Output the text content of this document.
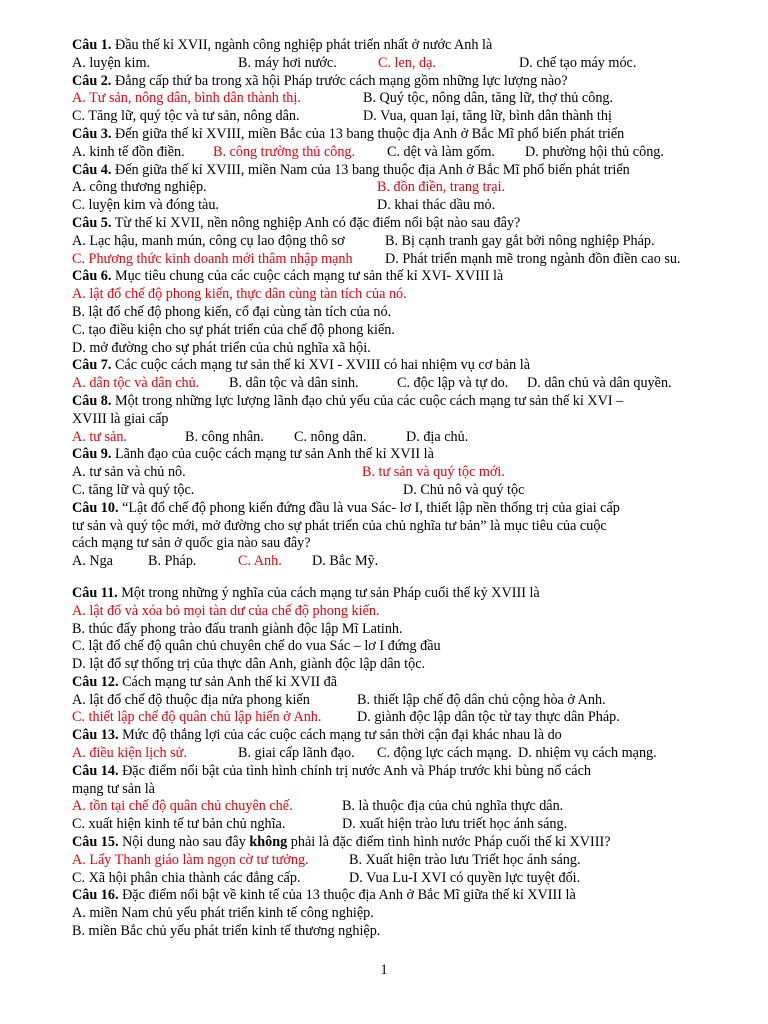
Câu 1. Đầu thế kỉ XVII, ngành công nghiệp phát triển nhất ở nước Anh là
A. luyện kim.	B. máy hơi nước.	C. len, dạ.	D. chế tạo máy móc.
Câu 2. Đẳng cấp thứ ba trong xã hội Pháp trước cách mạng gồm những lực lượng nào?
A. Tư sản, nông dân, bình dân thành thị.	B. Quý tộc, nông dân, tăng lữ, thợ thủ công.
C. Tăng lữ, quý tộc và tư sản, nông dân.	D. Vua, quan lại, tăng lữ, bình dân thành thị
Câu 3. Đến giữa thế kỉ XVIII, miền Bắc của 13 bang thuộc địa Anh ở Bắc Mĩ phổ biến phát triển
A. kinh tế đồn điền. B. công trường thủ công. C. dệt và làm gốm. D. phường hội thủ công.
Câu 4. Đến giữa thế kỉ XVIII, miền Nam của 13 bang thuộc địa Anh ở Bắc Mĩ phổ biến phát triển
A. công thương nghiệp.	B. đồn điền, trang trại.
C. luyện kim và đóng tàu.	D. khai thác dầu mỏ.
Câu 5. Từ thế kỉ XVII, nền nông nghiệp Anh có đặc điểm nổi bật nào sau đây?
A. Lạc hậu, manh mún, công cụ lao động thô sơ	B. Bị cạnh tranh gay gắt bởi nông nghiệp Pháp.
C. Phương thức kinh doanh mới thâm nhập mạnh D. Phát triển mạnh mẽ trong ngành đồn điền cao su.
Câu 6. Mục tiêu chung của các cuộc cách mạng tư sản thế kỉ XVI- XVIII là
A. lật đổ chế độ phong kiến, thực dân cùng tàn tích của nó.
B. lật đổ chế độ phong kiến, cổ đại cùng tàn tích của nó.
C. tạo điều kiện cho sự phát triển của chế độ phong kiến.
D. mở đường cho sự phát triển của chủ nghĩa xã hội.
Câu 7. Các cuộc cách mạng tư sản thế kỉ XVI - XVIII có hai nhiệm vụ cơ bản là
A. dân tộc và dân chủ. B. dân tộc và dân sinh.	C. độc lập và tự do. D. dân chủ và dân quyền.
Câu 8. Một trong những lực lượng lãnh đạo chủ yếu của các cuộc cách mạng tư sản thế kỉ XVI –
XVIII là giai cấp
A. tư sản.	B. công nhân. C. nông dân.	D. địa chủ.
Câu 9. Lãnh đạo của cuộc cách mạng tư sản Anh thế kỉ XVII là
A. tư sản và chủ nô.	B. tư sản và quý tộc mới.
C. tăng lữ và quý tộc.	D. Chủ nô và quý tộc
Câu 10. “Lật đổ chế độ phong kiến đứng đầu là vua Sác- lơ I, thiết lập nền thống trị của giai cấp
tư sản và quý tộc mới, mở đường cho sự phát triển của chủ nghĩa tư bản” là mục tiêu của cuộc
cách mạng tư sản ở quốc gia nào sau đây?
A. Nga B. Pháp.	C. Anh. D. Bắc Mỹ.
Câu 11. Một trong những ý nghĩa của cách mạng tư sản Pháp cuối thế kỷ XVIII là
A. lật đổ và xóa bỏ mọi tàn dư của chế độ phong kiến.
B. thúc đẩy phong trào đấu tranh giành độc lập Mĩ Latinh.
C. lật đổ chế độ quân chủ chuyên chế do vua Sác – lơ I đứng đầu
D. lật đổ sự thống trị của thực dân Anh, giành độc lập dân tộc.
Câu 12. Cách mạng tư sản Anh thế kỉ XVII đã
A. lật đổ chế độ thuộc địa nửa phong kiến	B. thiết lập chế độ dân chủ cộng hòa ở Anh.
C. thiết lập chế độ quân chủ lập hiến ở Anh.	D. giành độc lập dân tộc từ tay thực dân Pháp.
Câu 13. Mức độ thắng lợi của các cuộc cách mạng tư sản thời cận đại khác nhau là do
A. điều kiện lịch sử.	B. giai cấp lãnh đạo. C. động lực cách mạng. D. nhiệm vụ cách mạng.
Câu 14. Đặc điểm nổi bật của tình hình chính trị nước Anh và Pháp trước khi bùng nổ cách
mạng tư sản là
A. tồn tại chế độ quân chủ chuyên chế.	B. là thuộc địa của chủ nghĩa thực dân.
C. xuất hiện kinh tế tư bản chủ nghĩa.	D. xuất hiện trào lưu triết học ánh sáng.
Câu 15. Nội dung nào sau đây không phải là đặc điểm tình hình nước Pháp cuối thế kỉ XVIII?
A. Lấy Thanh giáo làm ngọn cờ tư tưởng.	B. Xuất hiện trào lưu Triết học ánh sáng.
C. Xã hội phân chia thành các đẳng cấp.	D. Vua Lu-I XVI có quyền lực tuyệt đối.
Câu 16. Đặc điểm nổi bật về kinh tế của 13 thuộc địa Anh ở Bắc Mĩ giữa thế kỉ XVIII là
A. miền Nam chủ yếu phát triển kinh tế công nghiệp.
B. miền Bắc chủ yếu phát triển kinh tế thương nghiệp.
1
